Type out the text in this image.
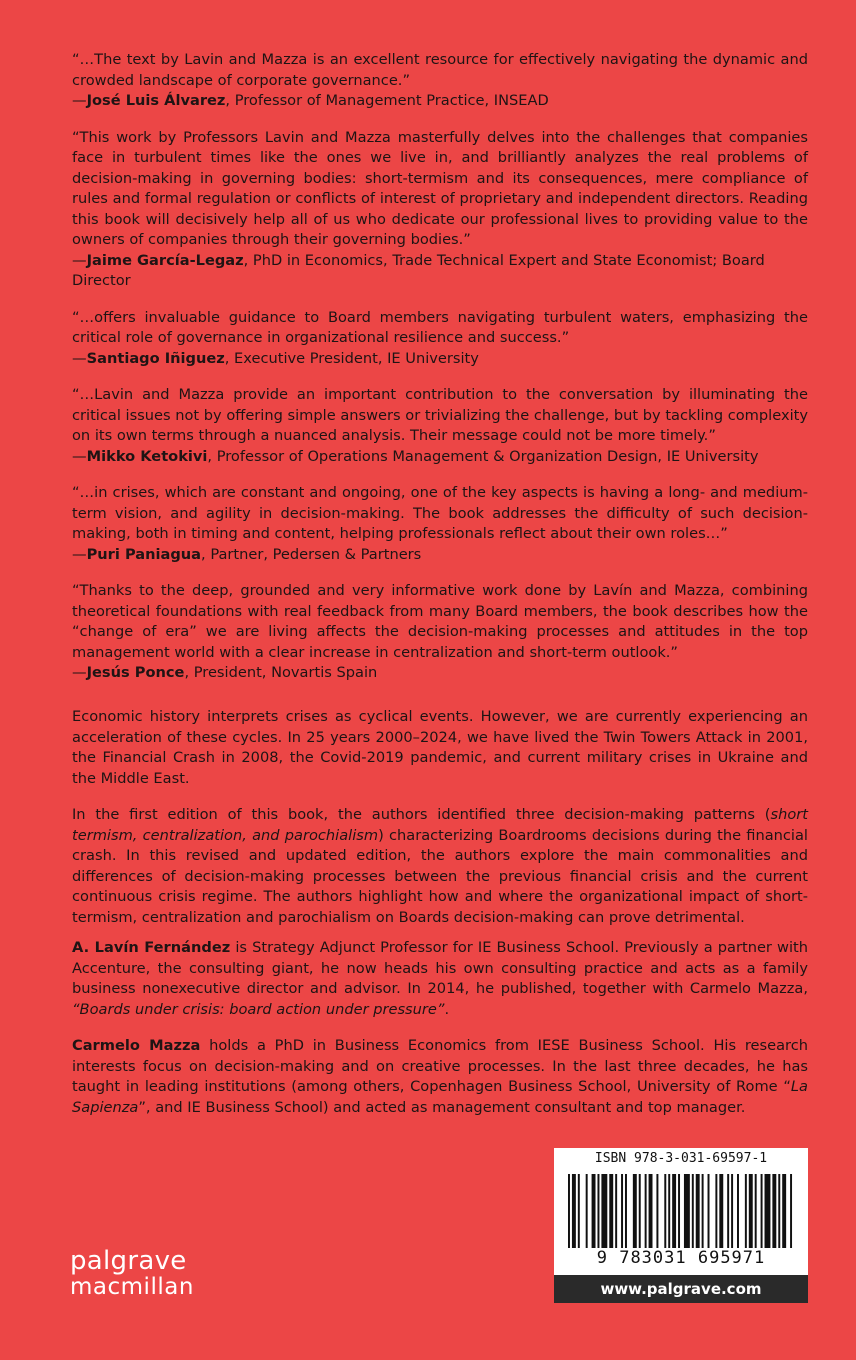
“…The text by Lavin and Mazza is an excellent resource for effectively navigating the dynamic and crowded landscape of corporate governance.”

—José Luis Álvarez, Professor of Management Practice, INSEAD

“This work by Professors Lavin and Mazza masterfully delves into the challenges that companies face in turbulent times like the ones we live in, and brilliantly analyzes the real problems of decision-making in governing bodies: short-termism and its consequences, mere compliance of rules and formal regulation or conflicts of interest of proprietary and independent directors. Reading this book will decisively help all of us who dedicate our professional lives to providing value to the owners of companies through their governing bodies.”

—Jaime García-Legaz, PhD in Economics, Trade Technical Expert and State Economist; Board Director

“…offers invaluable guidance to Board members navigating turbulent waters, emphasizing the critical role of governance in organizational resilience and success.”

—Santiago Iñiguez, Executive President, IE University

“…Lavin and Mazza provide an important contribution to the conversation by illuminating the critical issues not by offering simple answers or trivializing the challenge, but by tackling complexity on its own terms through a nuanced analysis. Their message could not be more timely.”

—Mikko Ketokivi, Professor of Operations Management & Organization Design, IE University

“…in crises, which are constant and ongoing, one of the key aspects is having a long- and medium-term vision, and agility in decision-making. The book addresses the difficulty of such decision-making, both in timing and content, helping professionals reflect about their own roles…”

—Puri Paniagua, Partner, Pedersen & Partners

“Thanks to the deep, grounded and very informative work done by Lavín and Mazza, combining theoretical foundations with real feedback from many Board members, the book describes how the “change of era” we are living affects the decision-making processes and attitudes in the top management world with a clear increase in centralization and short-term outlook.”

—Jesús Ponce, President, Novartis Spain

Economic history interprets crises as cyclical events. However, we are currently experiencing an acceleration of these cycles. In 25 years 2000–2024, we have lived the Twin Towers Attack in 2001, the Financial Crash in 2008, the Covid-2019 pandemic, and current military crises in Ukraine and the Middle East.

In the first edition of this book, the authors identified three decision-making patterns (short termism, centralization, and parochialism) characterizing Boardrooms decisions during the financial crash. In this revised and updated edition, the authors explore the main commonalities and differences of decision-making processes between the previous financial crisis and the current continuous crisis regime. The authors highlight how and where the organizational impact of short-termism, centralization and parochialism on Boards decision-making can prove detrimental.

A. Lavín Fernández is Strategy Adjunct Professor for IE Business School. Previously a partner with Accenture, the consulting giant, he now heads his own consulting practice and acts as a family business nonexecutive director and advisor. In 2014, he published, together with Carmelo Mazza, “Boards under crisis: board action under pressure”.

Carmelo Mazza holds a PhD in Business Economics from IESE Business School. His research interests focus on decision-making and on creative processes. In the last three decades, he has taught in leading institutions (among others, Copenhagen Business School, University of Rome “La Sapienza”, and IE Business School) and acted as management consultant and top manager.

palgrave
macmillan
ISBN 978-3-031-69597-1
9 783031 695971
www.palgrave.com
